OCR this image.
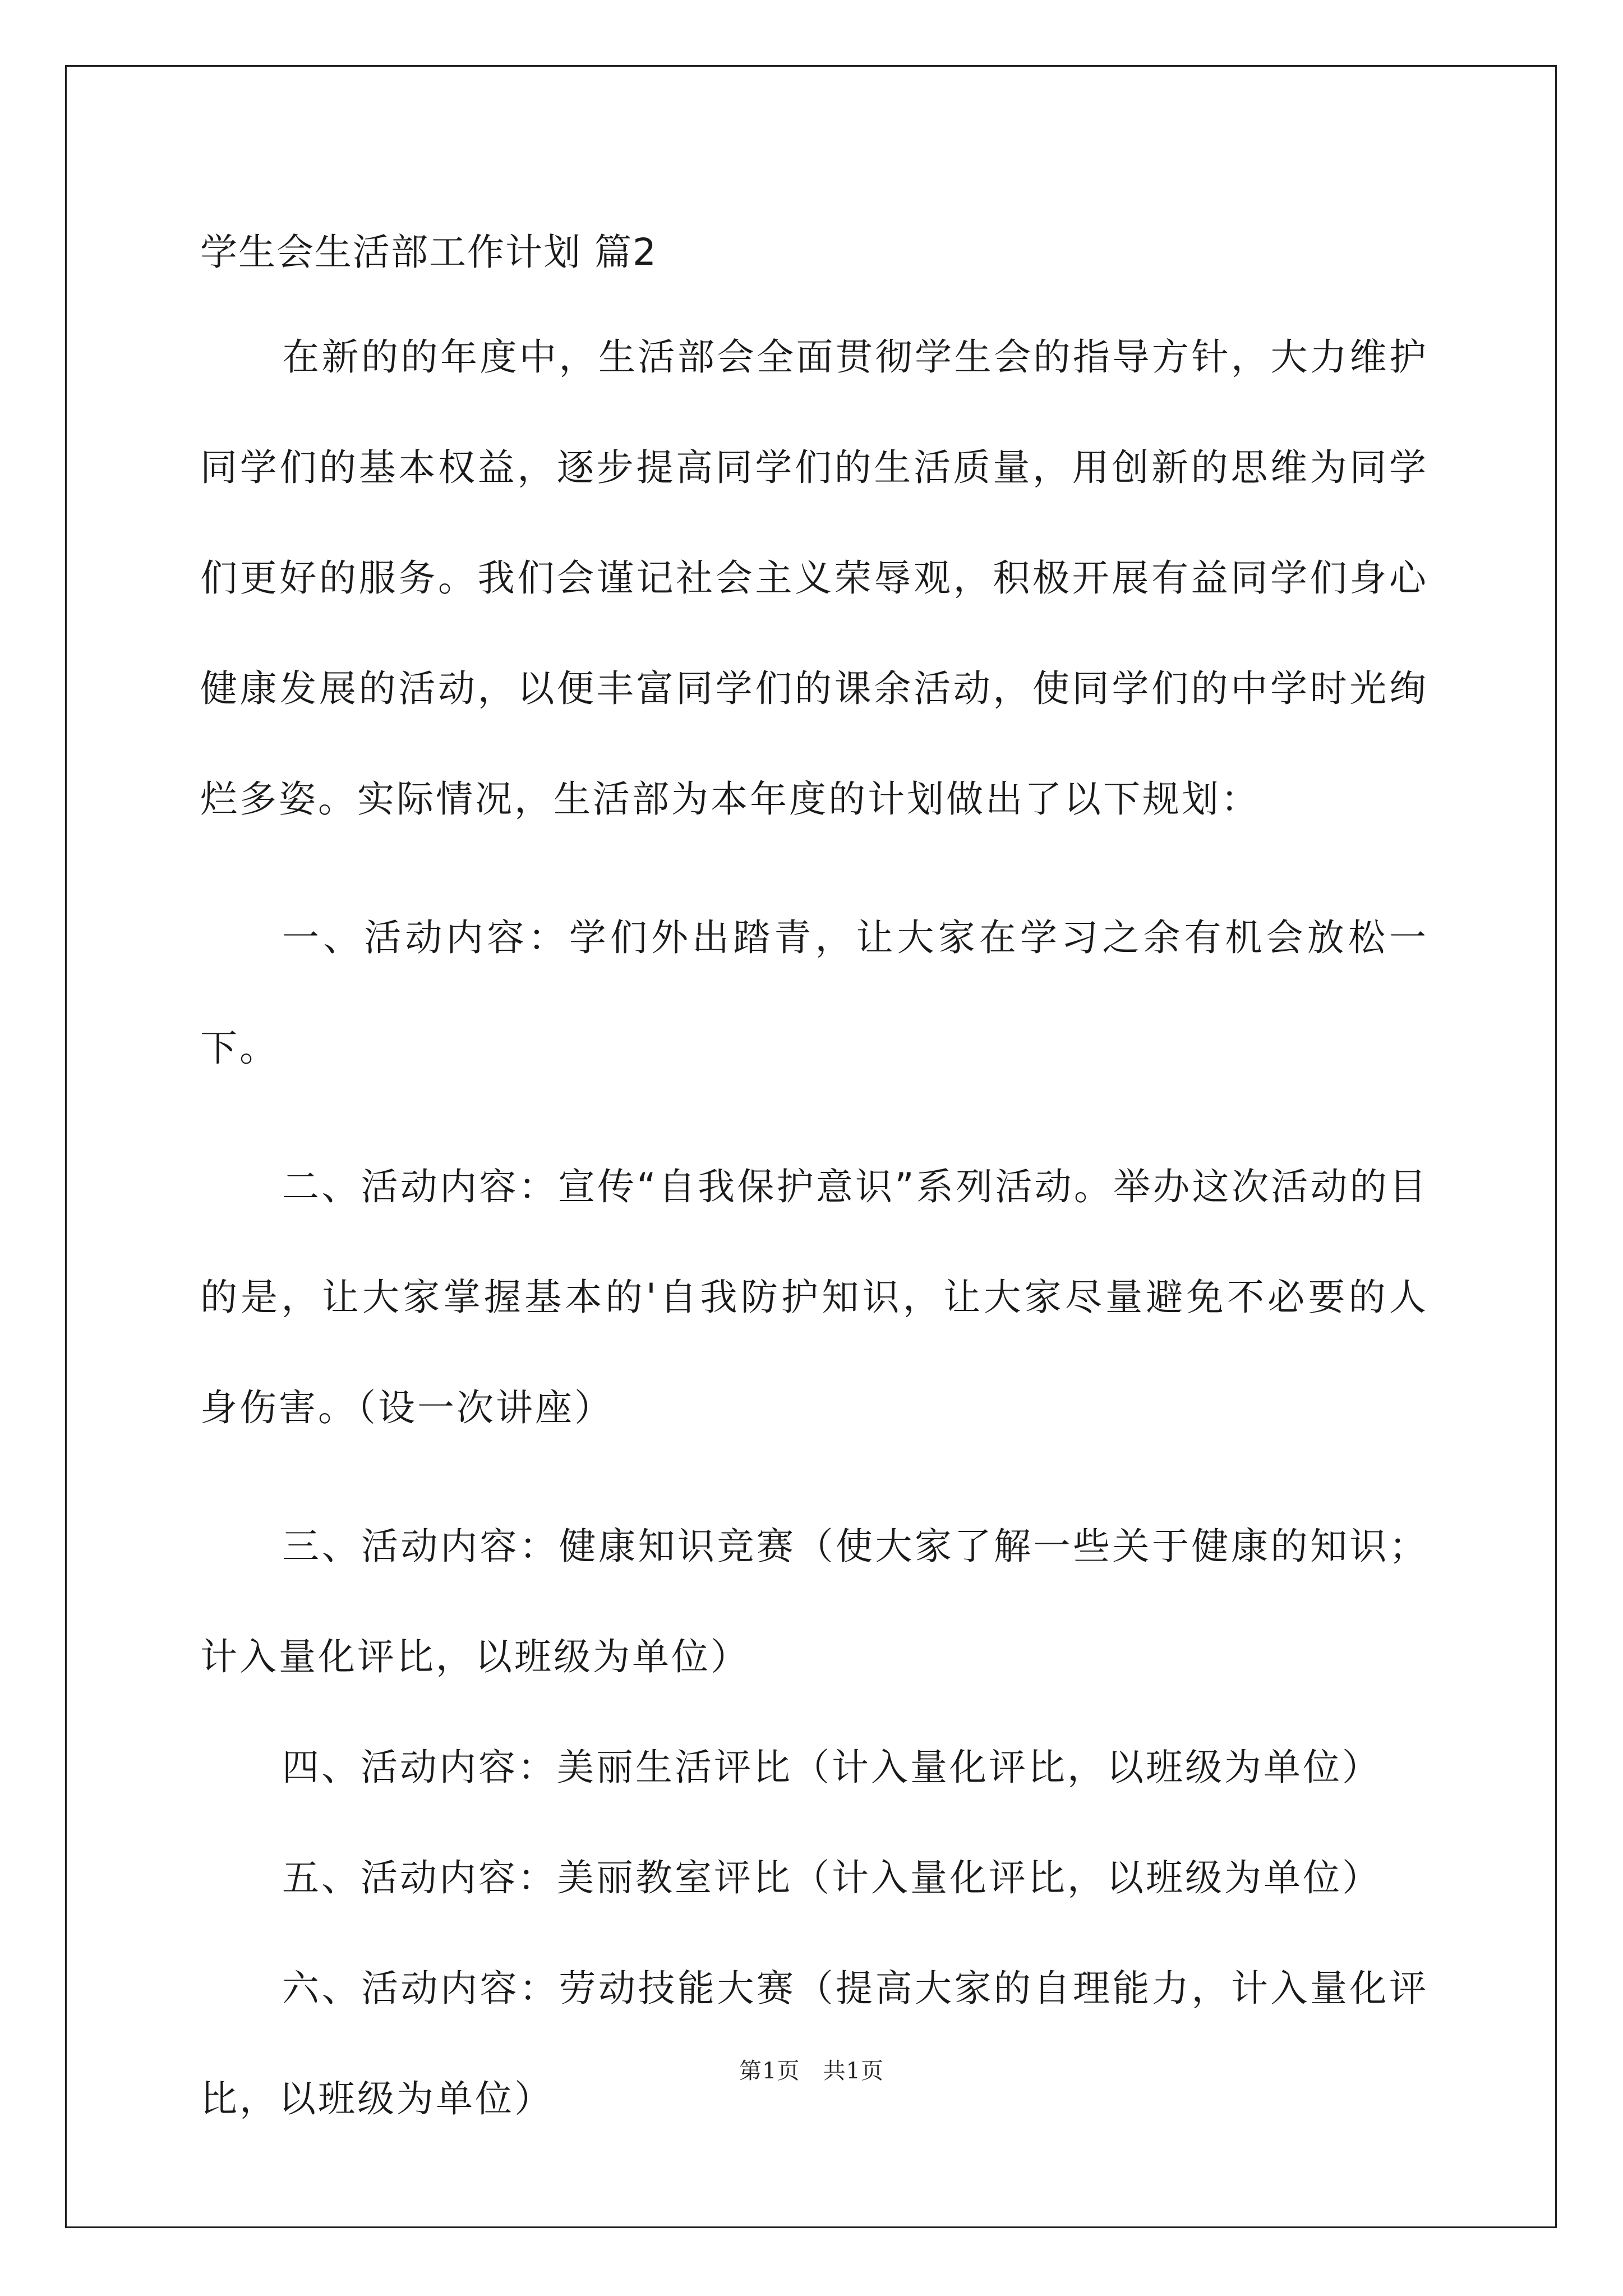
学生会生活部工作计划 篇2

在新的的年度中，生活部会全面贯彻学生会的指导方针，大力维护同学们的基本权益，逐步提高同学们的生活质量，用创新的思维为同学们更好的服务。我们会谨记社会主义荣辱观，积极开展有益同学们身心健康发展的活动，以便丰富同学们的课余活动，使同学们的中学时光绚烂多姿。实际情况，生活部为本年度的计划做出了以下规划：

一、活动内容：学们外出踏青，让大家在学习之余有机会放松一下。

二、活动内容：宣传“自我保护意识”系列活动。举办这次活动的目的是，让大家掌握基本的'自我防护知识，让大家尽量避免不必要的人身伤害。（设一次讲座）

三、活动内容：健康知识竞赛（使大家了解一些关于健康的知识；计入量化评比，以班级为单位）

四、活动内容：美丽生活评比（计入量化评比，以班级为单位）

五、活动内容：美丽教室评比（计入量化评比，以班级为单位）

六、活动内容：劳动技能大赛（提高大家的自理能力，计入量化评比，以班级为单位）

第1页　共1页
